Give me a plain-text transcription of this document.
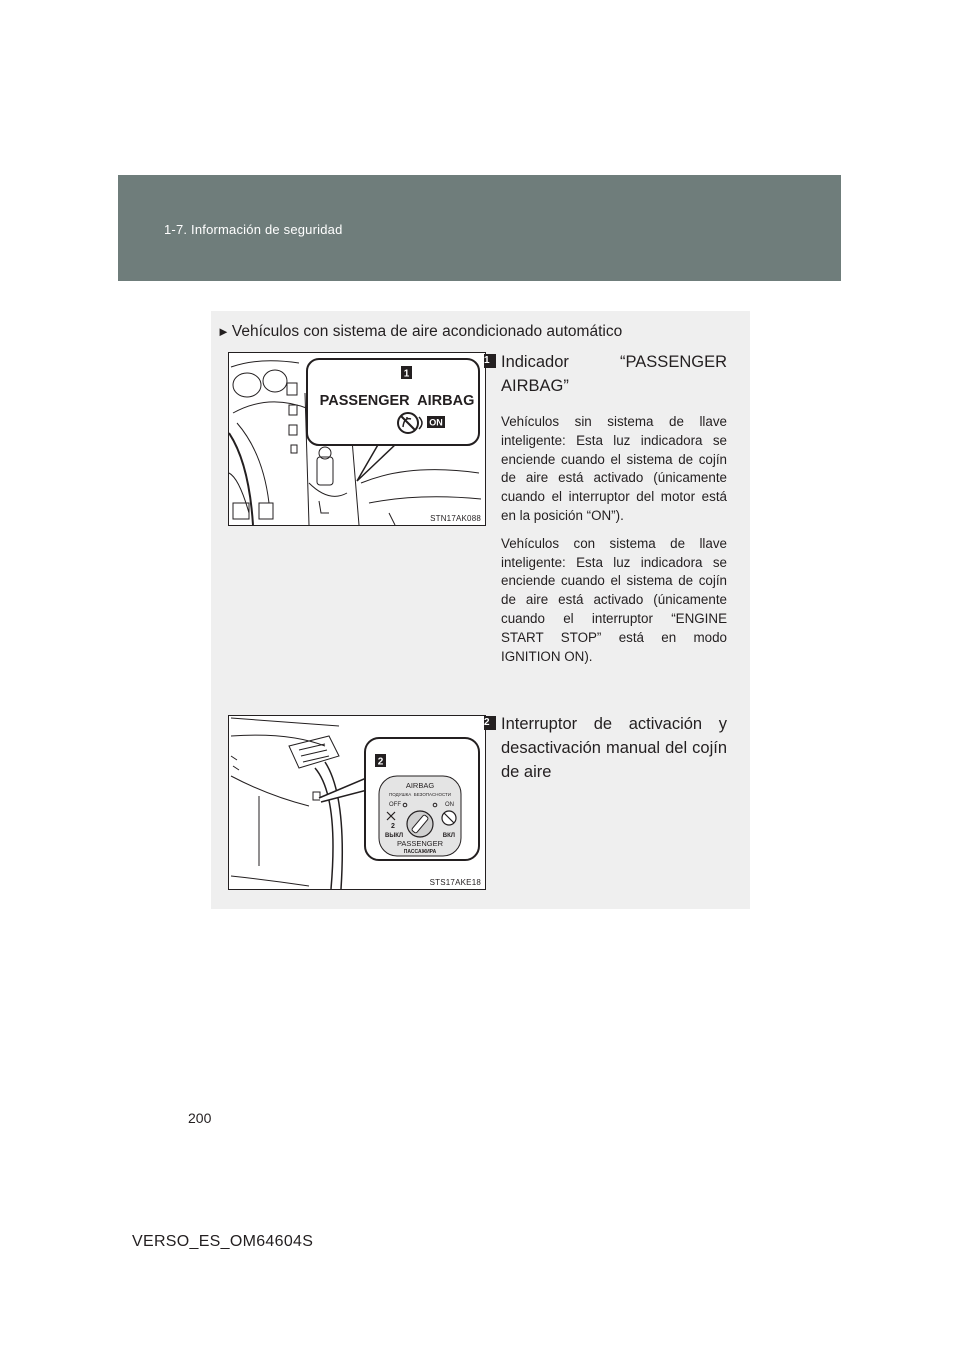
1-7. Información de seguridad
► Vehículos con sistema de aire acondicionado automático
1
PASSENGER  AIRBAG
ON
STN17AK088
1 Indicador “PASSENGER AIRBAG”
Vehículos sin sistema de llave inteligente: Esta luz indicadora se enciende cuando el sistema de cojín de aire está activado (únicamente cuando el interruptor del motor está en la posición “ON”).
Vehículos con sistema de llave inteligente: Esta luz indicadora se enciende cuando el sistema de cojín de aire está activado (únicamente cuando el interruptor “ENGINE START STOP” está en modo IGNITION ON).
2
AIRBAG
ПОДУШКА  БЕЗОПАСНОСТИ
OFF	ON
2
ВЫКЛ	ВКЛ
PASSENGER
ПАССАЖИРА
STS17AKE18
2 Interruptor de activación y desactivación manual del cojín de aire
200
VERSO_ES_OM64604S
